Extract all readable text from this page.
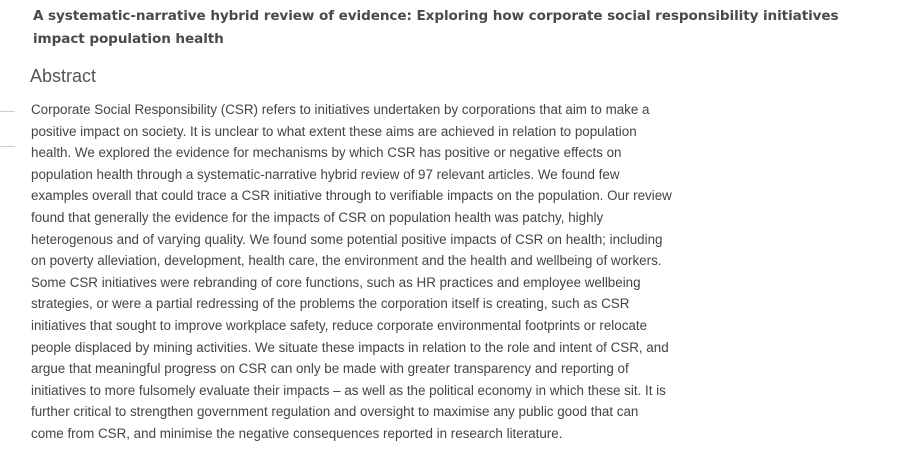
A systematic-narrative hybrid review of evidence: Exploring how corporate social responsibility initiatives impact population health
Abstract
Corporate Social Responsibility (CSR) refers to initiatives undertaken by corporations that aim to make a
positive impact on society. It is unclear to what extent these aims are achieved in relation to population
health. We explored the evidence for mechanisms by which CSR has positive or negative effects on
population health through a systematic-narrative hybrid review of 97 relevant articles. We found few
examples overall that could trace a CSR initiative through to verifiable impacts on the population. Our review
found that generally the evidence for the impacts of CSR on population health was patchy, highly
heterogenous and of varying quality. We found some potential positive impacts of CSR on health; including
on poverty alleviation, development, health care, the environment and the health and wellbeing of workers.
Some CSR initiatives were rebranding of core functions, such as HR practices and employee wellbeing
strategies, or were a partial redressing of the problems the corporation itself is creating, such as CSR
initiatives that sought to improve workplace safety, reduce corporate environmental footprints or relocate
people displaced by mining activities. We situate these impacts in relation to the role and intent of CSR, and
argue that meaningful progress on CSR can only be made with greater transparency and reporting of
initiatives to more fulsomely evaluate their impacts – as well as the political economy in which these sit. It is
further critical to strengthen government regulation and oversight to maximise any public good that can
come from CSR, and minimise the negative consequences reported in research literature.
